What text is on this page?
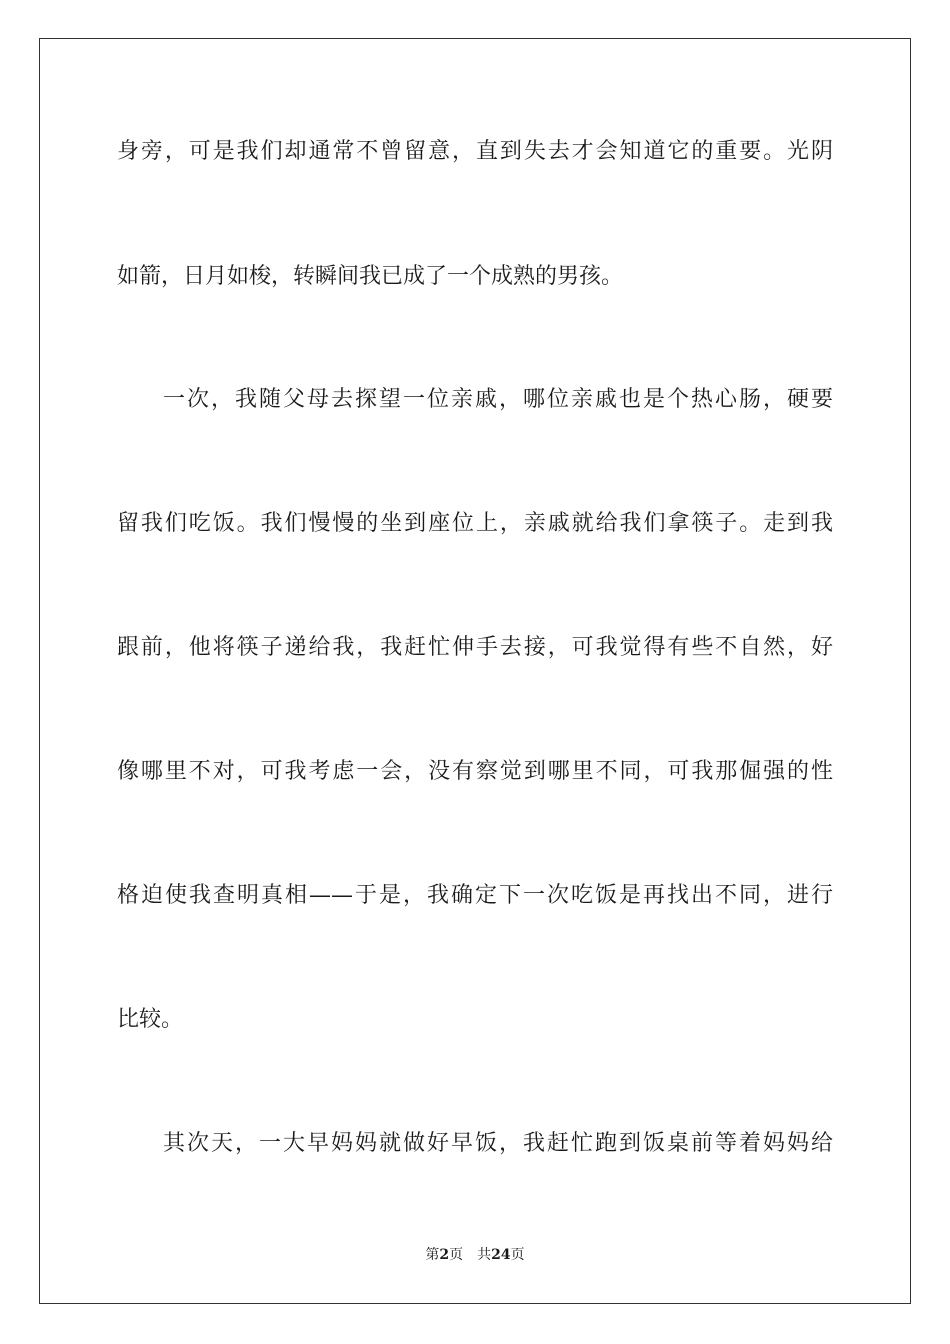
身旁，可是我们却通常不曾留意，直到失去才会知道它的重要。光阴
如箭，日月如梭，转瞬间我已成了一个成熟的男孩。
一次，我随父母去探望一位亲戚，哪位亲戚也是个热心肠，硬要
留我们吃饭。我们慢慢的坐到座位上，亲戚就给我们拿筷子。走到我
跟前，他将筷子递给我，我赶忙伸手去接，可我觉得有些不自然，好
像哪里不对，可我考虑一会，没有察觉到哪里不同，可我那倔强的性
格迫使我查明真相——于是，我确定下一次吃饭是再找出不同，进行
比较。
其次天，一大早妈妈就做好早饭，我赶忙跑到饭桌前等着妈妈给
第2页 共24页
